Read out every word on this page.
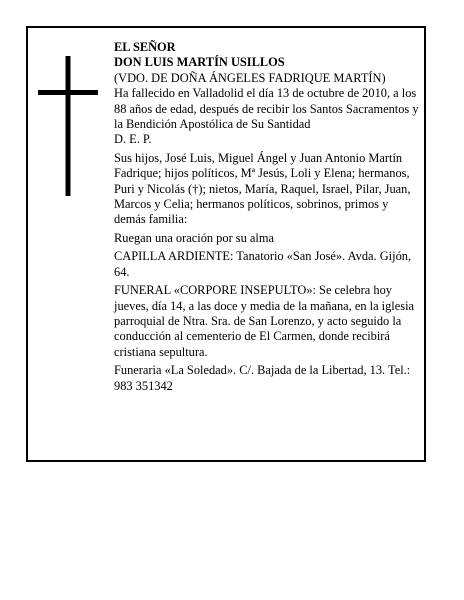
EL SEÑOR

DON LUIS MARTÍN USILLOS

(VDO. DE DOÑA ÁNGELES FADRIQUE MARTÍN)

Ha fallecido en Valladolid el día 13 de octubre de 2010, a los 88 años de edad, después de recibir los Santos Sacramentos y la Bendición Apostólica de Su Santidad

D. E. P.

Sus hijos, José Luis, Miguel Ángel y Juan Antonio Martín Fadrique; hijos políticos, Mª Jesús, Loli y Elena; hermanos, Puri y Nicolás (†); nietos, María, Raquel, Israel, Pilar, Juan, Marcos y Celia; hermanos políticos, sobrinos, primos y demás familia:

Ruegan una oración por su alma

CAPILLA ARDIENTE: Tanatorio «San José». Avda. Gijón, 64.

FUNERAL «CORPORE INSEPULTO»: Se celebra hoy jueves, día 14, a las doce y media de la mañana, en la iglesia parroquial de Ntra. Sra. de San Lorenzo, y acto seguido la conducción al cementerio de El Carmen, donde recibirá cristiana sepultura.

Funeraria «La Soledad». C/. Bajada de la Libertad, 13. Tel.: 983 351342
